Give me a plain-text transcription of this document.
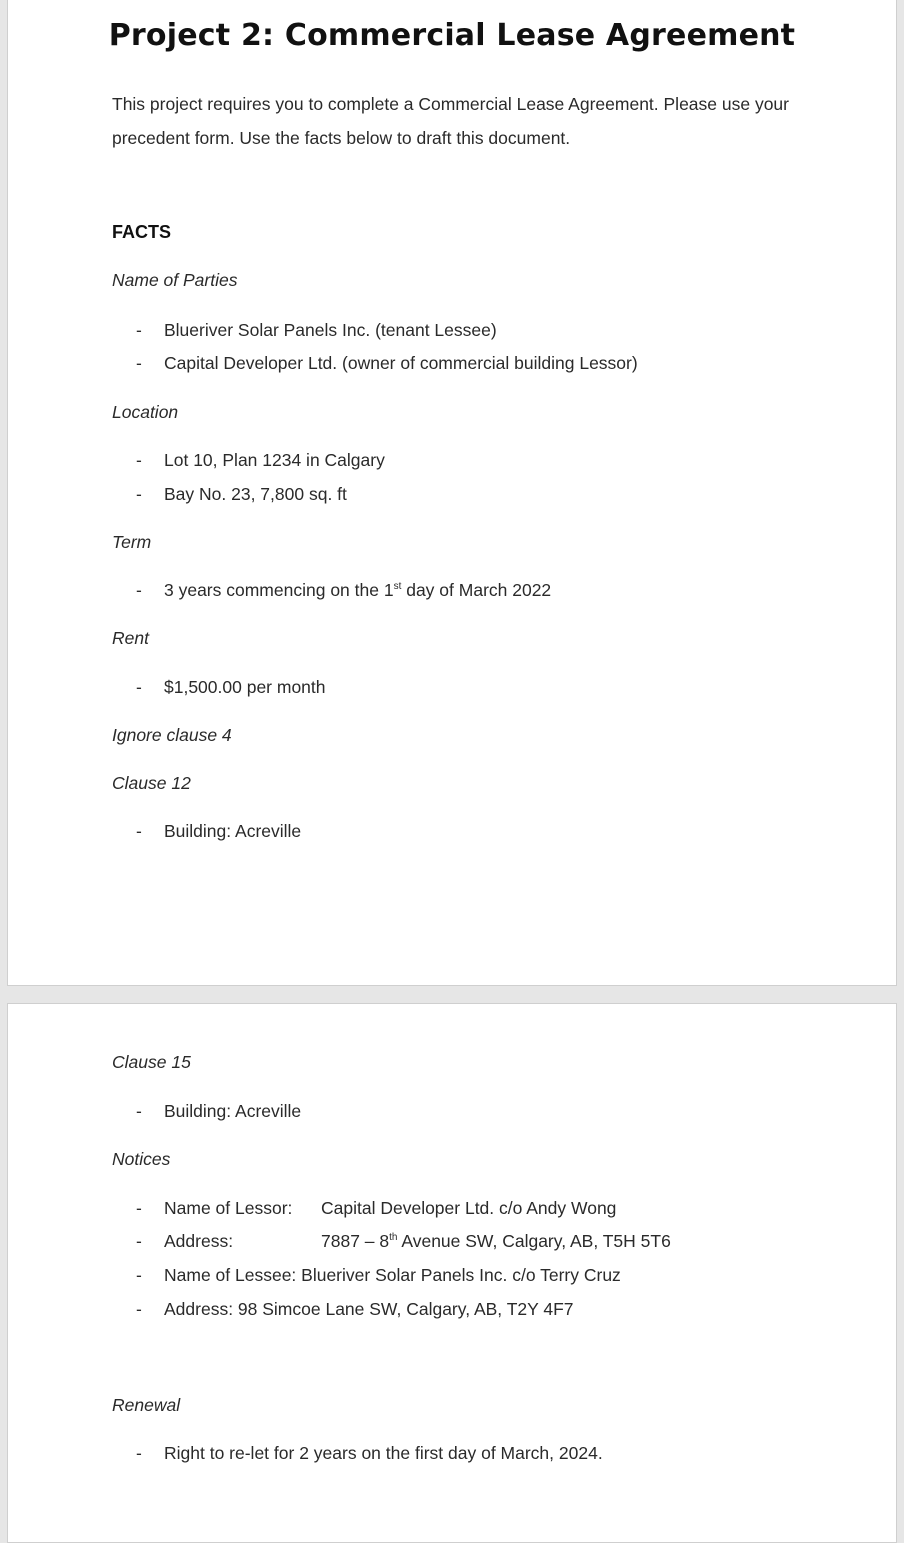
Project 2: Commercial Lease Agreement
This project requires you to complete a Commercial Lease Agreement. Please use your precedent form. Use the facts below to draft this document.
FACTS
Name of Parties
- Blueriver Solar Panels Inc. (tenant Lessee)
- Capital Developer Ltd. (owner of commercial building Lessor)
Location
- Lot 10, Plan 1234 in Calgary
- Bay No. 23, 7,800 sq. ft
Term
- 3 years commencing on the 1st day of March 2022
Rent
- $1,500.00 per month
Ignore clause 4
Clause 12
- Building: Acreville
Clause 15
- Building: Acreville
Notices
- Name of Lessor: Capital Developer Ltd. c/o Andy Wong
- Address:	7887 – 8th Avenue SW, Calgary, AB, T5H 5T6
- Name of Lessee: Blueriver Solar Panels Inc. c/o Terry Cruz
- Address: 98 Simcoe Lane SW, Calgary, AB, T2Y 4F7
Renewal
- Right to re-let for 2 years on the first day of March, 2024.
